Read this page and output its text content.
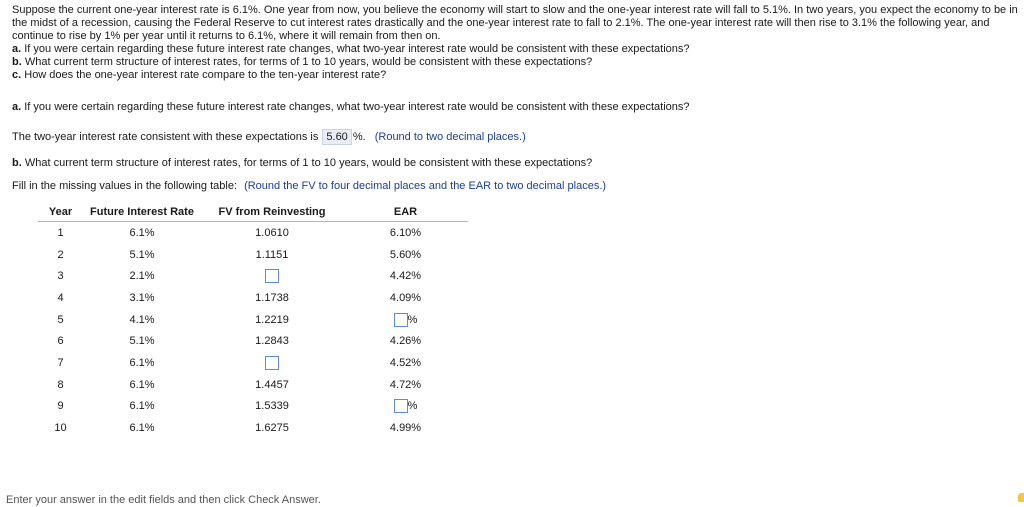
Suppose the current one-year interest rate is 6.1%. One year from now, you believe the economy will start to slow and the one-year interest rate will fall to 5.1%. In two years, you expect the economy to be in the midst of a recession, causing the Federal Reserve to cut interest rates drastically and the one-year interest rate to fall to 2.1%. The one-year interest rate will then rise to 3.1% the following year, and continue to rise by 1% per year until it returns to 6.1%, where it will remain from then on.

a. If you were certain regarding these future interest rate changes, what two-year interest rate would be consistent with these expectations?

b. What current term structure of interest rates, for terms of 1 to 10 years, would be consistent with these expectations?

c. How does the one-year interest rate compare to the ten-year interest rate?

a. If you were certain regarding these future interest rate changes, what two-year interest rate would be consistent with these expectations?
The two-year interest rate consistent with these expectations is 5.60 %. (Round to two decimal places.)
b. What current term structure of interest rates, for terms of 1 to 10 years, would be consistent with these expectations?
Fill in the missing values in the following table: (Round the FV to four decimal places and the EAR to two decimal places.)
Year	Future Interest Rate	FV from Reinvesting	EAR
1	6.1%	1.0610	6.10%
2	5.1%	1.1151	5.60%
3	2.1%		4.42%
4	3.1%	1.1738	4.09%
5	4.1%	1.2219	%
6	5.1%	1.2843	4.26%
7	6.1%		4.52%
8	6.1%	1.4457	4.72%
9	6.1%	1.5339	%
10	6.1%	1.6275	4.99%
Enter your answer in the edit fields and then click Check Answer.
